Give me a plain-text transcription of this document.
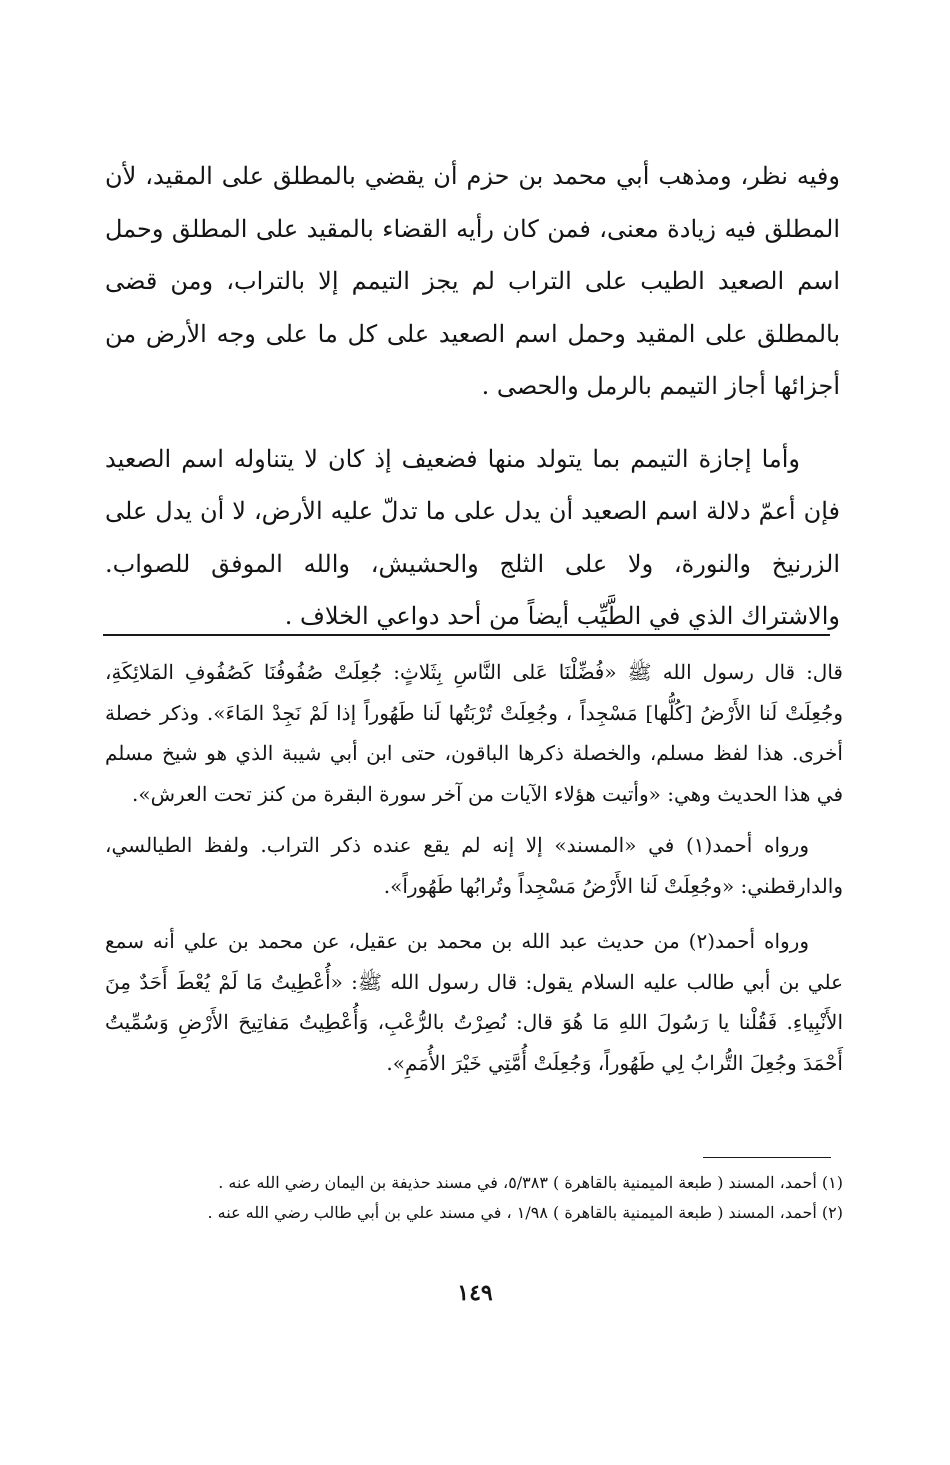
وفيه نظر، ومذهب أبي محمد بن حزم أن يقضي بالمطلق على المقيد، لأن المطلق فيه زيادة معنى، فمن كان رأيه القضاء بالمقيد على المطلق وحمل اسم الصعيد الطيب على التراب لم يجز التيمم إلا بالتراب، ومن قضى بالمطلق على المقيد وحمل اسم الصعيد على كل ما على وجه الأرض من أجزائها أجاز التيمم بالرمل والحصى .

وأما إجازة التيمم بما يتولد منها فضعيف إذ كان لا يتناوله اسم الصعيد فإن أعمّ دلالة اسم الصعيد أن يدل على ما تدلّ عليه الأرض، لا أن يدل على الزرنيخ والنورة، ولا على الثلج والحشيش، والله الموفق للصواب. والاشتراك الذي في الطَّيِّب أيضاً من أحد دواعي الخلاف .

قال: قال رسول الله ﷺ «فُضِّلْنَا عَلى النَّاسِ بِثَلاثٍ: جُعِلَتْ صُفُوفُنَا كَصُفُوفِ المَلائِكَةِ، وجُعِلَتْ لَنا الأَرْضُ [كُلُّها] مَسْجِداً ، وجُعِلَتْ تُرْبَتُها لَنا طَهُوراً إذا لَمْ نَجِدْ المَاءَ». وذكر خصلة أخرى. هذا لفظ مسلم، والخصلة ذكرها الباقون، حتى ابن أبي شيبة الذي هو شيخ مسلم في هذا الحديث وهي: «وأتيت هؤلاء الآيات من آخر سورة البقرة من كنز تحت العرش».

ورواه أحمد(١) في «المسند» إلا إنه لم يقع عنده ذكر التراب. ولفظ الطيالسي، والدارقطني: «وجُعِلَتْ لَنا الأَرْضُ مَسْجِداً وتُرابُها طَهُوراً».

ورواه أحمد(٢) من حديث عبد الله بن محمد بن عقيل، عن محمد بن علي أنه سمع علي بن أبي طالب عليه السلام يقول: قال رسول الله ﷺ: «أُعْطِيتُ مَا لَمْ يُعْطَ أَحَدٌ مِنَ الأَنْبِياءِ. فَقُلْنا يا رَسُولَ اللهِ مَا هُوَ قال: نُصِرْتُ بالرُّعْبِ، وَأُعْطِيتُ مَفاتِيحَ الأَرْضِ وَسُمِّيتُ أَحْمَدَ وجُعِلَ التُّرابُ لِي طَهُوراً، وَجُعِلَتْ أُمَّتِي خَيْرَ الأُمَمِ».

(١) أحمد، المسند ( طبعة الميمنية بالقاهرة ) ٥/٣٨٣، في مسند حذيفة بن اليمان رضي الله عنه .

(٢) أحمد، المسند ( طبعة الميمنية بالقاهرة ) ١/٩٨ ، في مسند علي بن أبي طالب رضي الله عنه .

١٤٩
